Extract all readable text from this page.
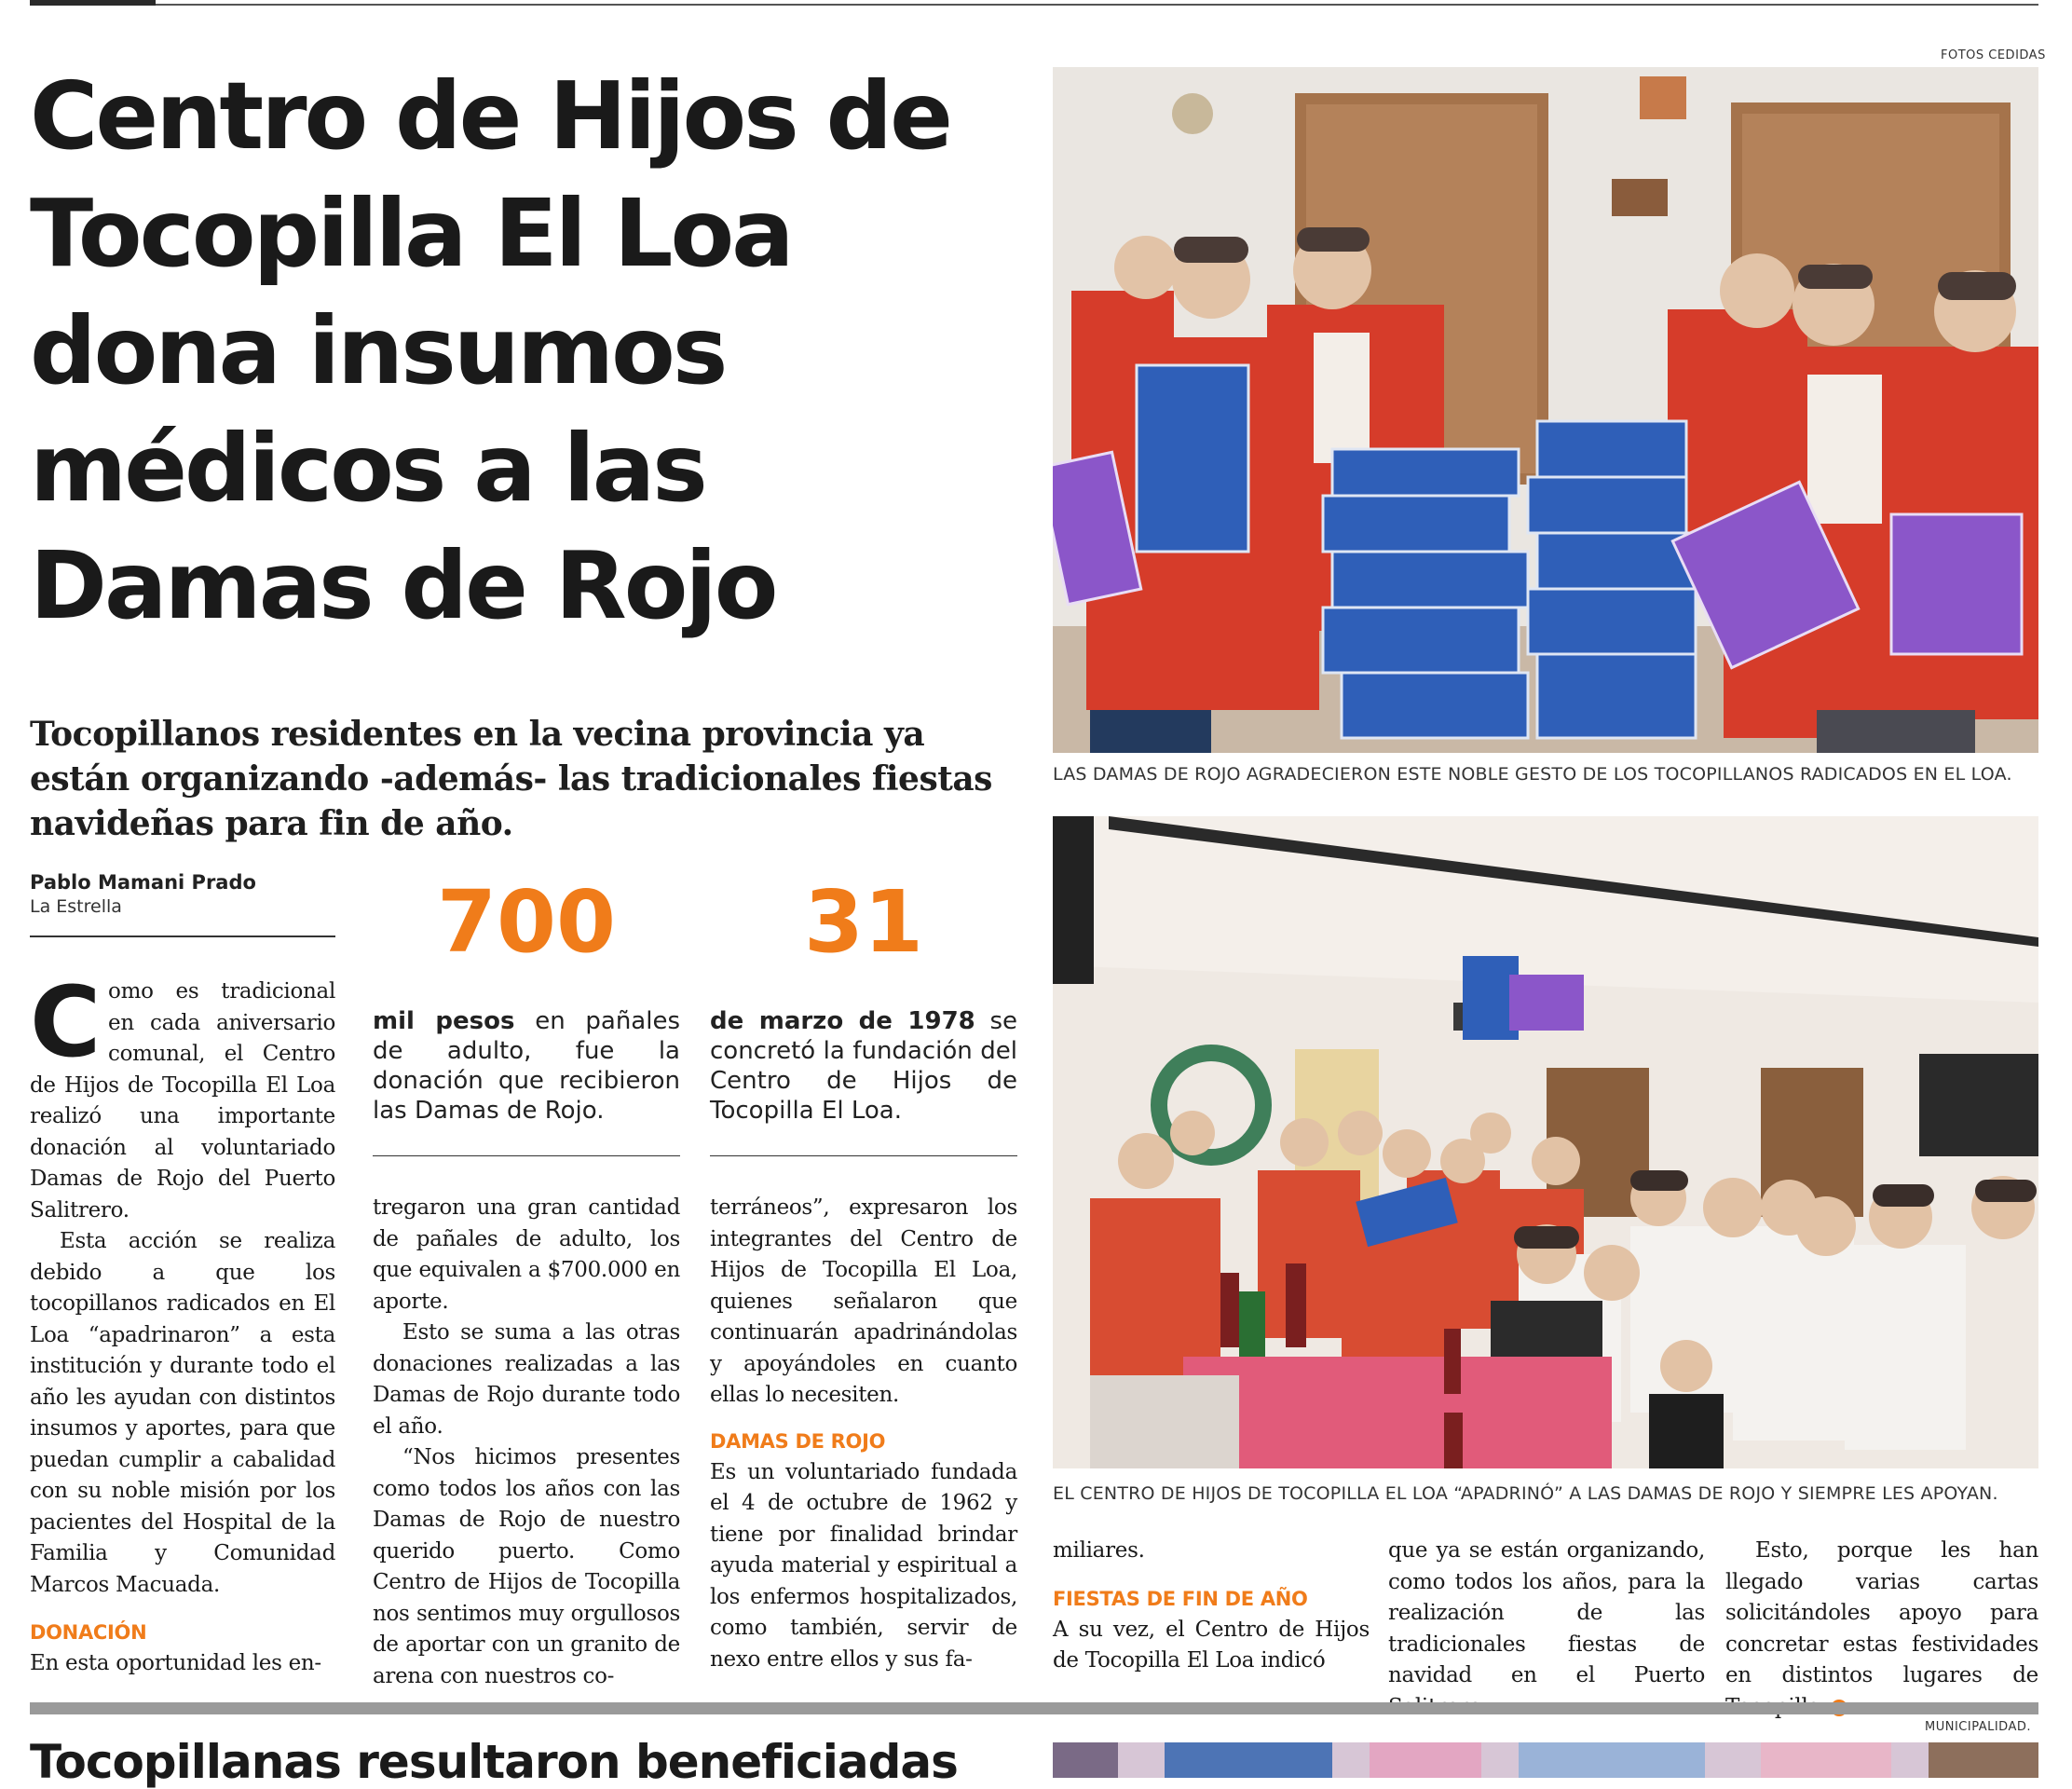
FOTOS CEDIDAS
Centro de Hijos de Tocopilla El Loa dona insumos médicos a las Damas de Rojo

Tocopillanos residentes en la vecina provincia ya están organizando -además- las tradicionales fiestas navideñas para fin de año.

Pablo Mamani Prado
La Estrella	700

mil pesos en pañales de adulto, fue la donación que recibieron las Damas de Rojo.

31

de marzo de 1978 se concretó la fundación del Centro de Hijos de Tocopilla El Loa.

C omo es tradicional en cada aniversario comunal, el Centro de Hijos de Tocopilla El Loa realizó una importante donación al voluntariado Damas de Rojo del Puerto Salitrero.

Esta acción se realiza debido a que los tocopillanos radicados en El Loa “apadrinaron” a esta institución y durante todo el año les ayudan con distintos insumos y aportes, para que puedan cumplir a cabalidad con su noble misión por los pacientes del Hospital de la Familia y Comunidad Marcos Macuada.

DONACIÓN

En esta oportunidad les en-

tregaron una gran cantidad de pañales de adulto, los que equivalen a $700.000 en aporte.

Esto se suma a las otras donaciones realizadas a las Damas de Rojo durante todo el año.

“Nos hicimos presentes como todos los años con las Damas de Rojo de nuestro querido puerto. Como Centro de Hijos de Tocopilla nos sentimos muy orgullosos de aportar con un granito de arena con nuestros co-

terráneos”, expresaron los integrantes del Centro de Hijos de Tocopilla El Loa, quienes señalaron que continuarán apadrinándolas y apoyándoles en cuanto ellas lo necesiten.

DAMAS DE ROJO

Es un voluntariado fundada el 4 de octubre de 1962 y tiene por finalidad brindar ayuda material y espiritual a los enfermos hospitalizados, como también, servir de nexo entre ellos y sus fa-

LAS DAMAS DE ROJO AGRADECIERON ESTE NOBLE GESTO DE LOS TOCOPILLANOS RADICADOS EN EL LOA.
EL CENTRO DE HIJOS DE TOCOPILLA EL LOA “APADRINÓ” A LAS DAMAS DE ROJO Y SIEMPRE LES APOYAN.

miliares.

FIESTAS DE FIN DE AÑO

A su vez, el Centro de Hijos de Tocopilla El Loa indicó

que ya se están organizando, como todos los años, para la realización de las tradicionales fiestas de navidad en el Puerto

Esto, porque les han llegado varias cartas solicitándoles apoyo para concretar estas festividades en distintos lugares de

MUNICIPALIDAD.
Tocopillanas resultaron beneficiadas
